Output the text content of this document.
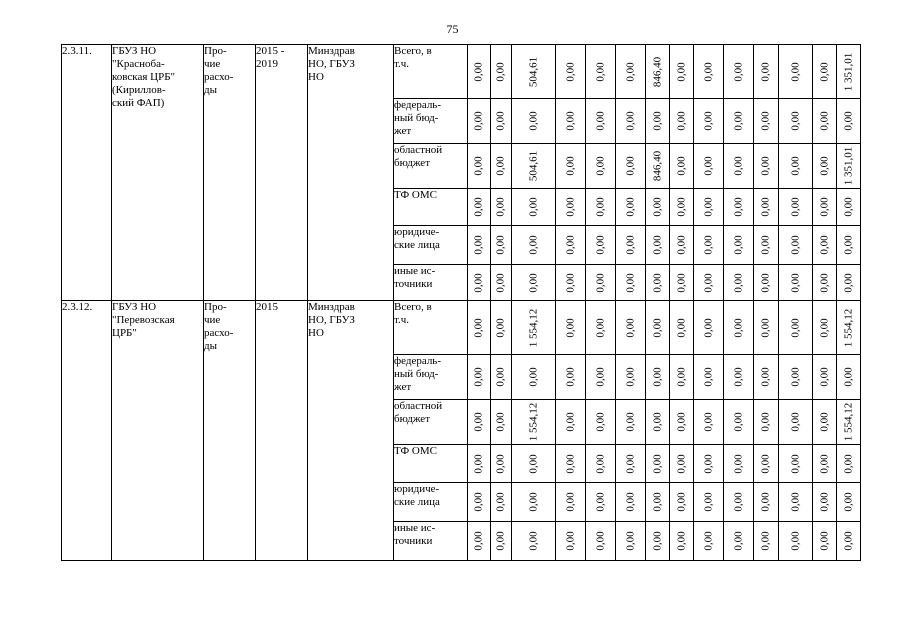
75
2.3.11.	ГБУЗ НО
"Красноба-
ковская ЦРБ"
(Кириллов-
ский ФАП)	Про-
чие
расхо-
ды	2015 -
2019	Минздрав
НО, ГБУЗ
НО	Всего, в
т.ч.	0,00	0,00	504,61	0,00	0,00	0,00	846,40	0,00	0,00	0,00	0,00	0,00	0,00	1 351,01

					федераль-
ный бюд-
жет	0,00	0,00	0,00	0,00	0,00	0,00	0,00	0,00	0,00	0,00	0,00	0,00	0,00	0,00

					областной
бюджет	0,00	0,00	504,61	0,00	0,00	0,00	846,40	0,00	0,00	0,00	0,00	0,00	0,00	1 351,01

					ТФ ОМС	0,00	0,00	0,00	0,00	0,00	0,00	0,00	0,00	0,00	0,00	0,00	0,00	0,00	0,00

					юридиче-
ские лица	0,00	0,00	0,00	0,00	0,00	0,00	0,00	0,00	0,00	0,00	0,00	0,00	0,00	0,00

					иные ис-
точники	0,00	0,00	0,00	0,00	0,00	0,00	0,00	0,00	0,00	0,00	0,00	0,00	0,00	0,00

2.3.12.	ГБУЗ НО
"Перевозская
ЦРБ"	Про-
чие
расхо-
ды	2015	Минздрав
НО, ГБУЗ
НО	Всего, в
т.ч.	0,00	0,00	1 554,12	0,00	0,00	0,00	0,00	0,00	0,00	0,00	0,00	0,00	0,00	1 554,12

					федераль-
ный бюд-
жет	0,00	0,00	0,00	0,00	0,00	0,00	0,00	0,00	0,00	0,00	0,00	0,00	0,00	0,00

					областной
бюджет	0,00	0,00	1 554,12	0,00	0,00	0,00	0,00	0,00	0,00	0,00	0,00	0,00	0,00	1 554,12

					ТФ ОМС	0,00	0,00	0,00	0,00	0,00	0,00	0,00	0,00	0,00	0,00	0,00	0,00	0,00	0,00

					юридиче-
ские лица	0,00	0,00	0,00	0,00	0,00	0,00	0,00	0,00	0,00	0,00	0,00	0,00	0,00	0,00

					иные ис-
точники	0,00	0,00	0,00	0,00	0,00	0,00	0,00	0,00	0,00	0,00	0,00	0,00	0,00	0,00
